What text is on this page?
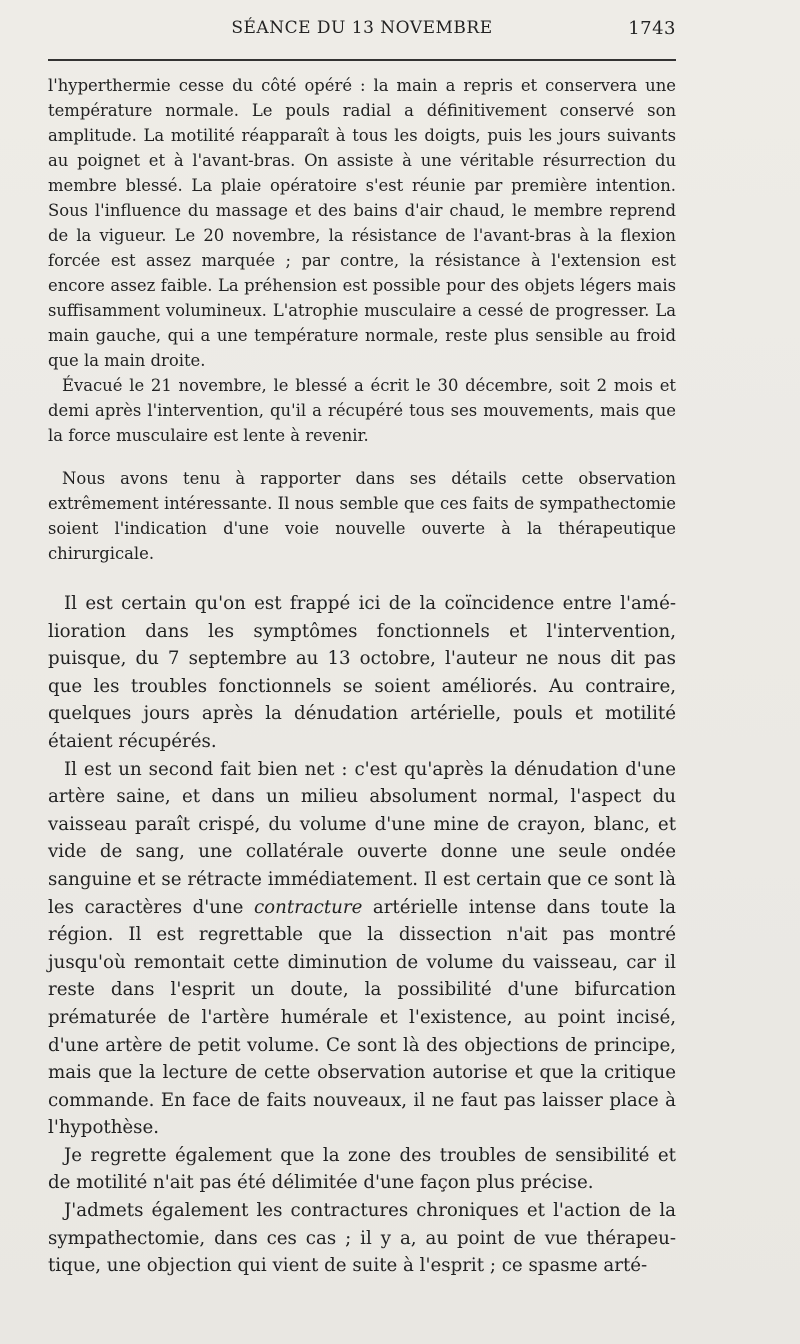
SÉANCE DU 13 NOVEMBRE	1743

l'hyperthermie cesse du côté opéré : la main a repris et conservera une température normale. Le pouls radial a définitivement conservé son amplitude. La motilité réapparaît à tous les doigts, puis les jours suivants au poignet et à l'avant-bras. On assiste à une véritable résurrection du membre blessé. La plaie opératoire s'est réunie par première intention. Sous l'influence du massage et des bains d'air chaud, le membre reprend de la vigueur. Le 20 novembre, la résistance de l'avant-bras à la flexion forcée est assez marquée ; par contre, la résistance à l'extension est encore assez faible. La préhension est possible pour des objets légers mais suffisamment volumineux. L'atrophie musculaire a cessé de progresser. La main gauche, qui a une température normale, reste plus sensible au froid que la main droite.

Évacué le 21 novembre, le blessé a écrit le 30 décembre, soit 2 mois et demi après l'intervention, qu'il a récupéré tous ses mouvements, mais que la force musculaire est lente à revenir.

Nous avons tenu à rapporter dans ses détails cette observation extrêmement intéressante. Il nous semble que ces faits de sympathectomie soient l'indication d'une voie nouvelle ouverte à la thérapeutique chirurgicale.

Il est certain qu'on est frappé ici de la coïncidence entre l'amélioration dans les symptômes fonctionnels et l'intervention, puisque, du 7 septembre au 13 octobre, l'auteur ne nous dit pas que les troubles fonctionnels se soient améliorés. Au contraire, quelques jours après la dénudation artérielle, pouls et motilité étaient récupérés.

Il est un second fait bien net : c'est qu'après la dénudation d'une artère saine, et dans un milieu absolument normal, l'aspect du vaisseau paraît crispé, du volume d'une mine de crayon, blanc, et vide de sang, une collatérale ouverte donne une seule ondée sanguine et se rétracte immédiatement. Il est certain que ce sont là les caractères d'une contracture artérielle intense dans toute la région. Il est regrettable que la dissection n'ait pas montré jusqu'où remontait cette diminution de volume du vaisseau, car il reste dans l'esprit un doute, la possibilité d'une bifurcation prématurée de l'artère humérale et l'existence, au point incisé, d'une artère de petit volume. Ce sont là des objections de principe, mais que la lecture de cette observation autorise et que la critique commande. En face de faits nouveaux, il ne faut pas laisser place à l'hypothèse.

Je regrette également que la zone des troubles de sensibilité et de motilité n'ait pas été délimitée d'une façon plus précise.

J'admets également les contractures chroniques et l'action de la sympathectomie, dans ces cas ; il y a, au point de vue thérapeutique, une objection qui vient de suite à l'esprit ; ce spasme arté-
